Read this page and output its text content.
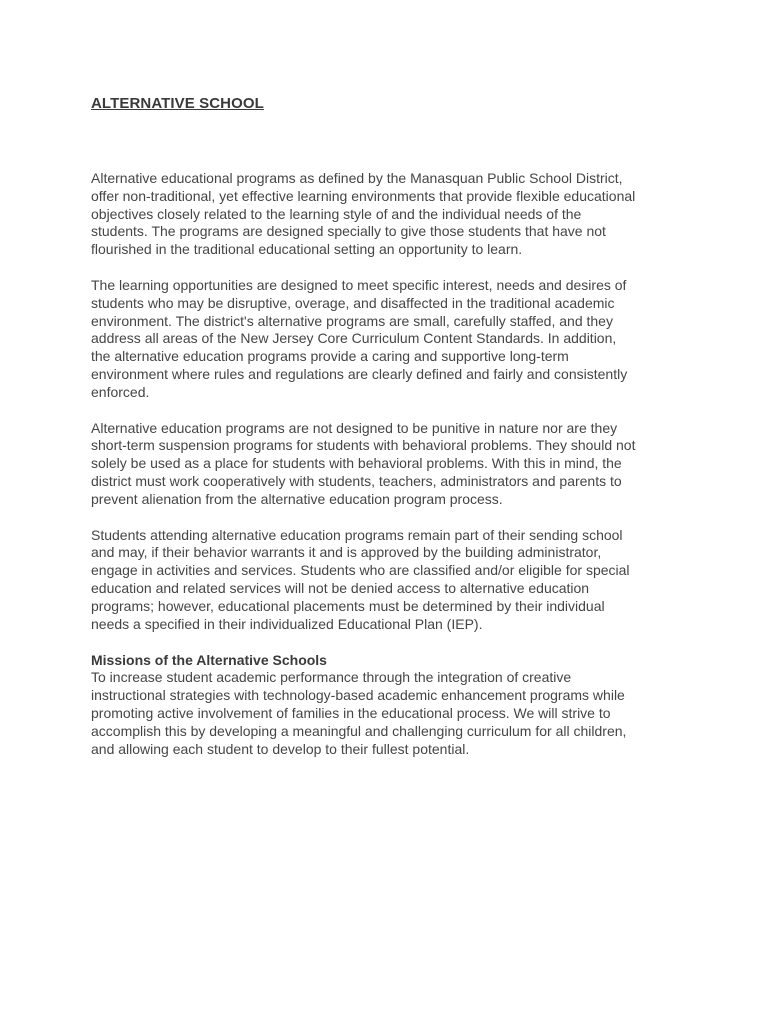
ALTERNATIVE SCHOOL

Alternative educational programs as defined by the Manasquan Public School District,
offer non-traditional, yet effective learning environments that provide flexible educational
objectives closely related to the learning style of and the individual needs of the
students. The programs are designed specially to give those students that have not
flourished in the traditional educational setting an opportunity to learn.

The learning opportunities are designed to meet specific interest, needs and desires of
students who may be disruptive, overage, and disaffected in the traditional academic
environment. The district's alternative programs are small, carefully staffed, and they
address all areas of the New Jersey Core Curriculum Content Standards. In addition,
the alternative education programs provide a caring and supportive long-term
environment where rules and regulations are clearly defined and fairly and consistently
enforced.

Alternative education programs are not designed to be punitive in nature nor are they
short-term suspension programs for students with behavioral problems. They should not
solely be used as a place for students with behavioral problems. With this in mind, the
district must work cooperatively with students, teachers, administrators and parents to
prevent alienation from the alternative education program process.

Students attending alternative education programs remain part of their sending school
and may, if their behavior warrants it and is approved by the building administrator,
engage in activities and services. Students who are classified and/or eligible for special
education and related services will not be denied access to alternative education
programs; however, educational placements must be determined by their individual
needs a specified in their individualized Educational Plan (IEP).

Missions of the Alternative Schools

To increase student academic performance through the integration of creative
instructional strategies with technology-based academic enhancement programs while
promoting active involvement of families in the educational process. We will strive to
accomplish this by developing a meaningful and challenging curriculum for all children,
and allowing each student to develop to their fullest potential.
